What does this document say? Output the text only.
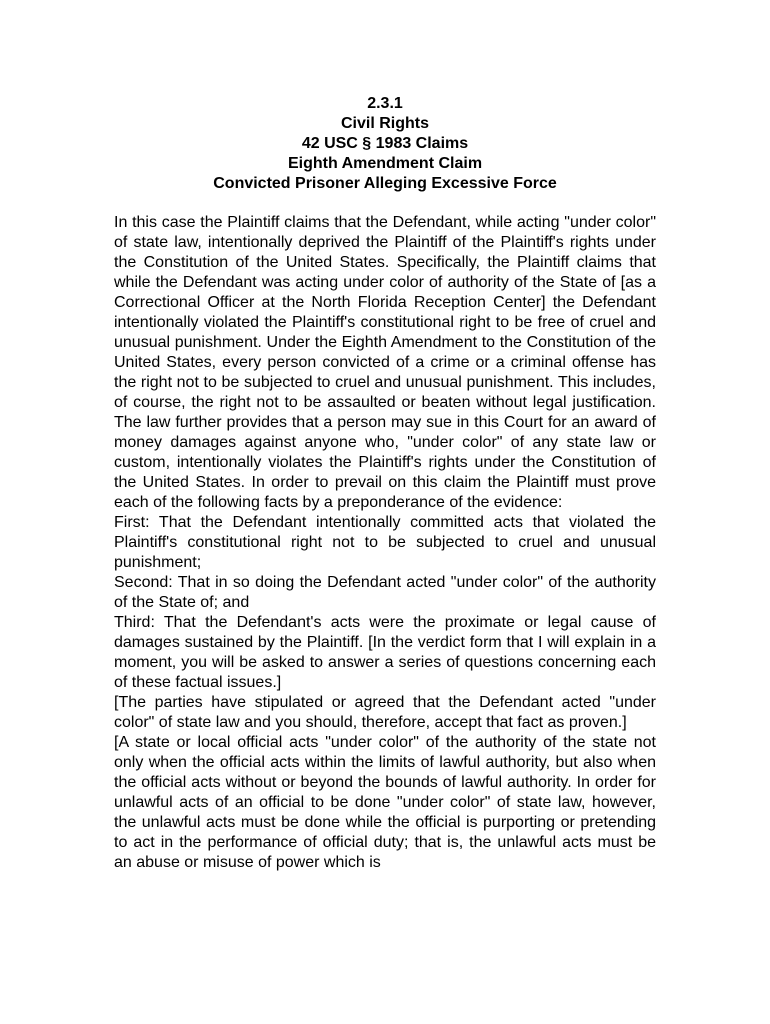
2.3.1
Civil Rights
42 USC § 1983 Claims
Eighth Amendment Claim
Convicted Prisoner Alleging Excessive Force

In this case the Plaintiff claims that the Defendant, while acting "under color" of state law, intentionally deprived the Plaintiff of the Plaintiff's rights under the Constitution of the United States. Specifically, the Plaintiff claims that while the Defendant was acting under color of authority of the State of [as a Correctional Officer at the North Florida Reception Center] the Defendant intentionally violated the Plaintiff's constitutional right to be free of cruel and unusual punishment. Under the Eighth Amendment to the Constitution of the United States, every person convicted of a crime or a criminal offense has the right not to be subjected to cruel and unusual punishment. This includes, of course, the right not to be assaulted or beaten without legal justification. The law further provides that a person may sue in this Court for an award of money damages against anyone who, "under color" of any state law or custom, intentionally violates the Plaintiff's rights under the Constitution of the United States. In order to prevail on this claim the Plaintiff must prove each of the following facts by a preponderance of the evidence:

First: That the Defendant intentionally committed acts that violated the Plaintiff's constitutional right not to be subjected to cruel and unusual punishment;

Second: That in so doing the Defendant acted "under color" of the authority of the State of; and

Third: That the Defendant's acts were the proximate or legal cause of damages sustained by the Plaintiff. [In the verdict form that I will explain in a moment, you will be asked to answer a series of questions concerning each of these factual issues.]

[The parties have stipulated or agreed that the Defendant acted "under color" of state law and you should, therefore, accept that fact as proven.]

[A state or local official acts "under color" of the authority of the state not only when the official acts within the limits of lawful authority, but also when the official acts without or beyond the bounds of lawful authority. In order for unlawful acts of an official to be done "under color" of state law, however, the unlawful acts must be done while the official is purporting or pretending to act in the performance of official duty; that is, the unlawful acts must be an abuse or misuse of power which is
